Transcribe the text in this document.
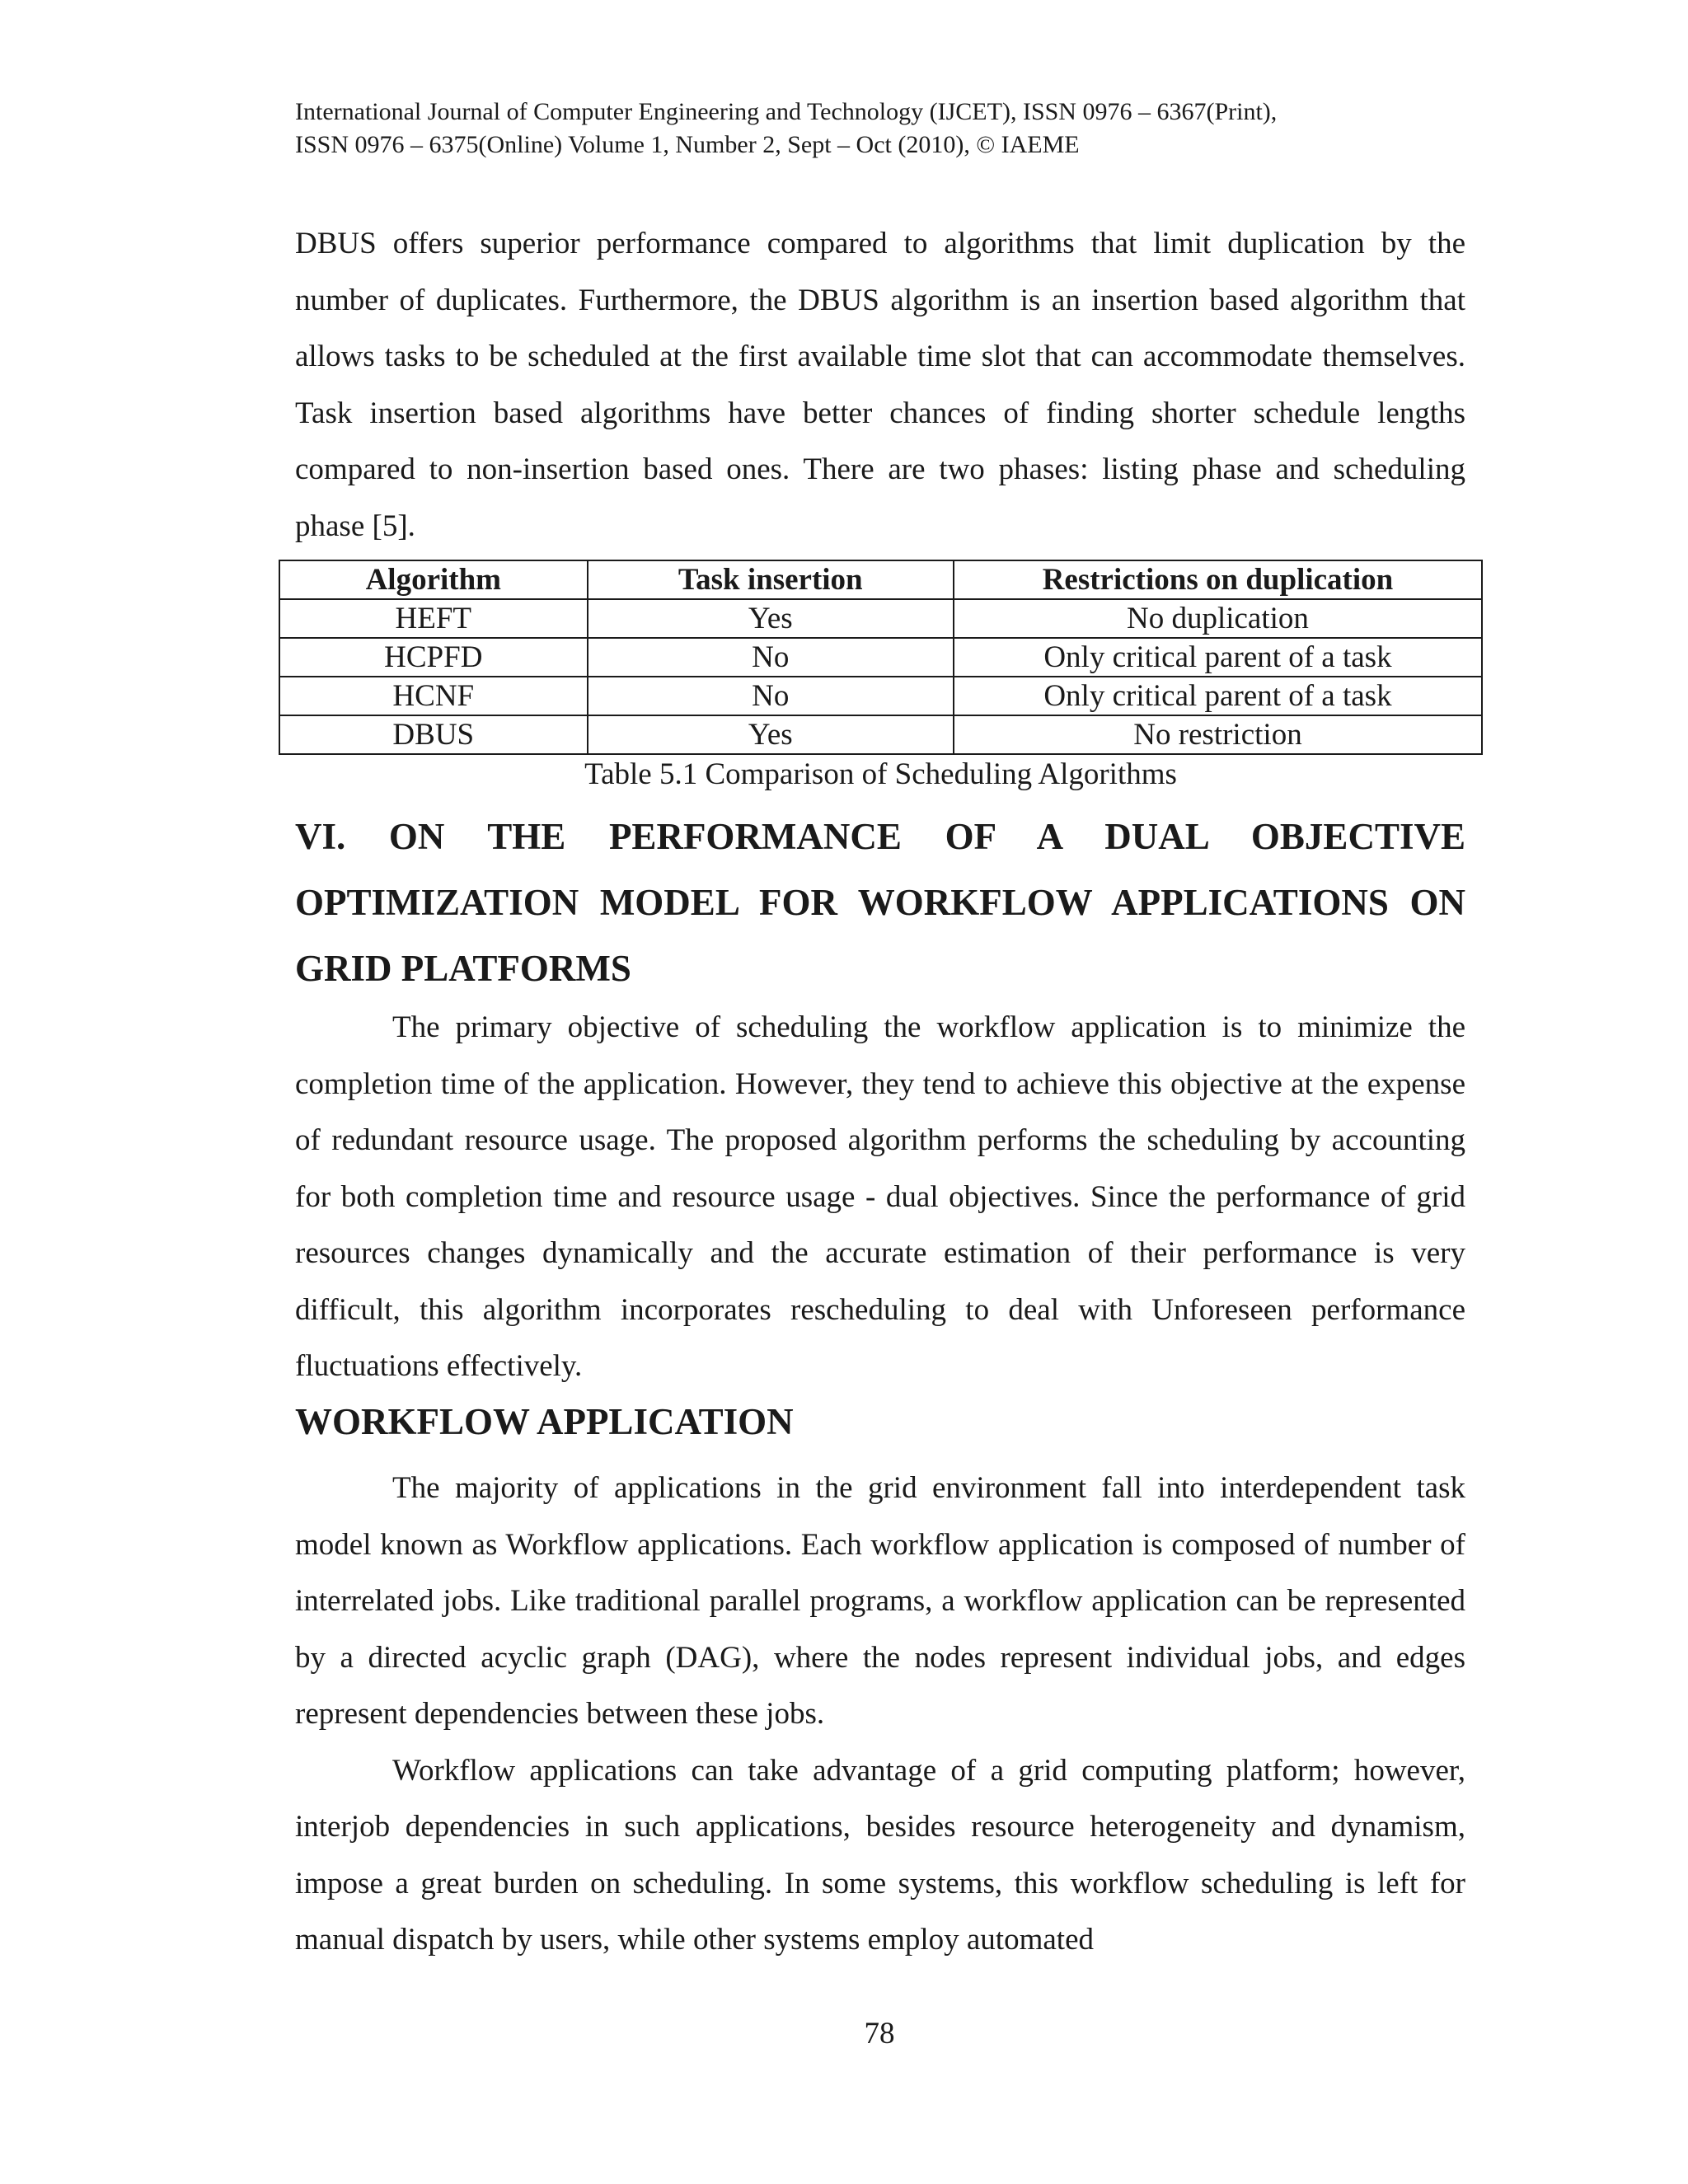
International Journal of Computer Engineering and Technology (IJCET), ISSN 0976 – 6367(Print),
ISSN 0976 – 6375(Online) Volume 1, Number 2, Sept – Oct (2010), © IAEME

DBUS offers superior performance compared to algorithms that limit duplication by the number of duplicates. Furthermore, the DBUS algorithm is an insertion based algorithm that allows tasks to be scheduled at the first available time slot that can accommodate themselves. Task insertion based algorithms have better chances of finding shorter schedule lengths compared to non-insertion based ones. There are two phases: listing phase and scheduling phase [5].

Algorithm	Task insertion	Restrictions on duplication
HEFT	Yes	No duplication
HCPFD	No	Only critical parent of a task
HCNF	No	Only critical parent of a task
DBUS	Yes	No restriction
Table 5.1 Comparison of Scheduling Algorithms
VI. ON THE PERFORMANCE OF A DUAL OBJECTIVE OPTIMIZATION MODEL FOR WORKFLOW APPLICATIONS ON GRID PLATFORMS

The primary objective of scheduling the workflow application is to minimize the completion time of the application. However, they tend to achieve this objective at the expense of redundant resource usage. The proposed algorithm performs the scheduling by accounting for both completion time and resource usage - dual objectives. Since the performance of grid resources changes dynamically and the accurate estimation of their performance is very difficult, this algorithm incorporates rescheduling to deal with Unforeseen performance fluctuations effectively.

WORKFLOW APPLICATION

The majority of applications in the grid environment fall into interdependent task model known as Workflow applications. Each workflow application is composed of number of interrelated jobs. Like traditional parallel programs, a workflow application can be represented by a directed acyclic graph (DAG), where the nodes represent individual jobs, and edges represent dependencies between these jobs.

Workflow applications can take advantage of a grid computing platform; however, interjob dependencies in such applications, besides resource heterogeneity and dynamism, impose a great burden on scheduling. In some systems, this workflow scheduling is left for manual dispatch by users, while other systems employ automated

78
